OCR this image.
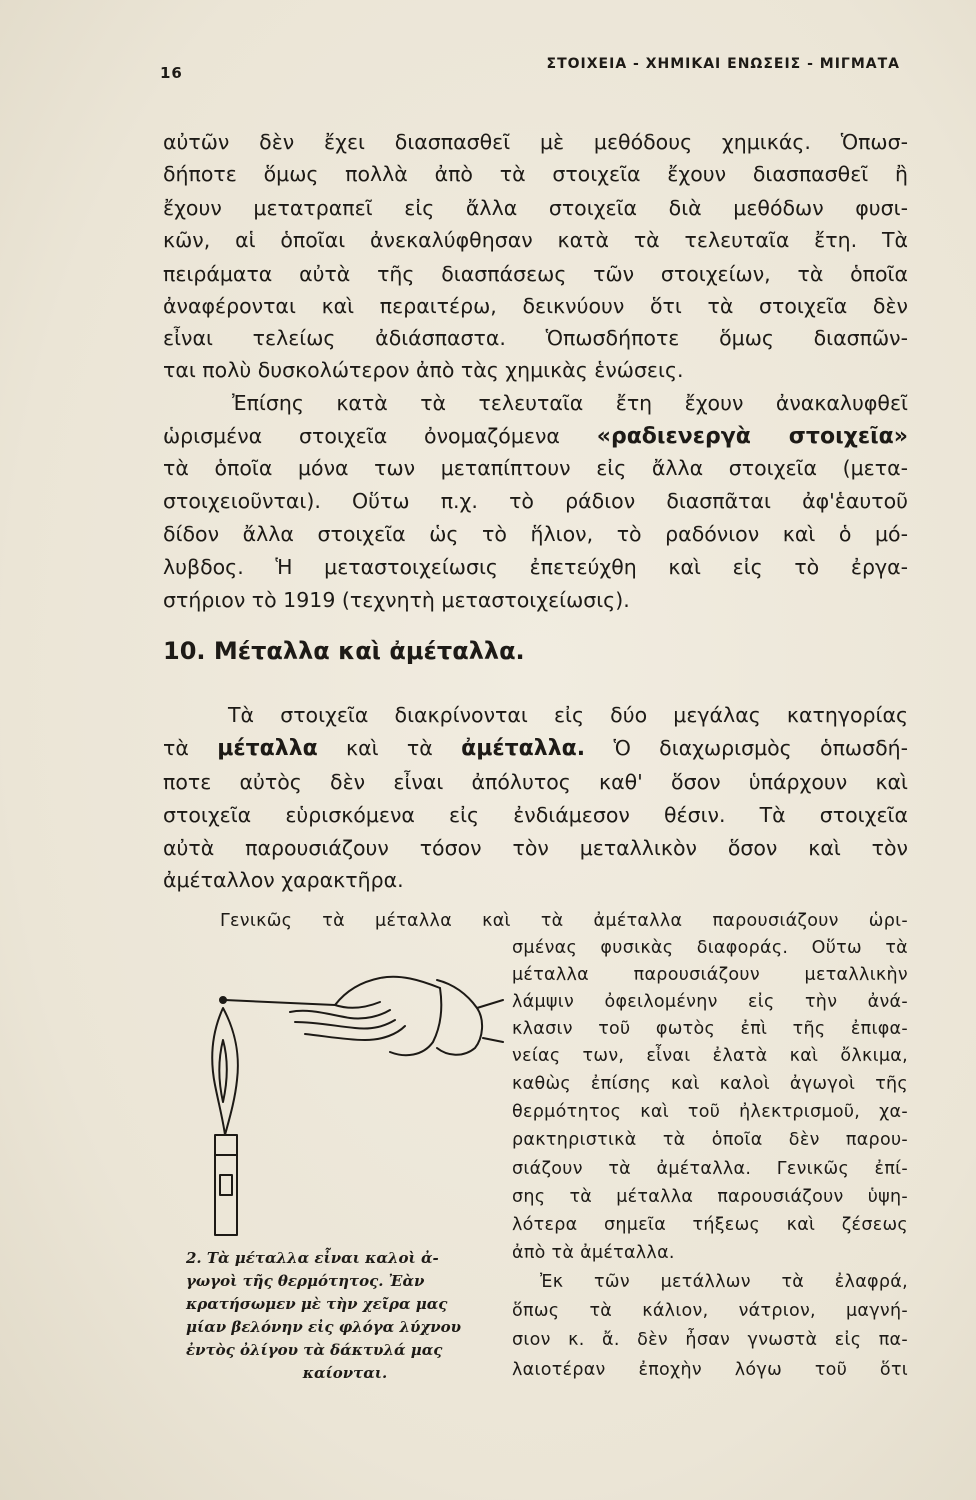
16	ΣΤΟΙΧΕΙΑ - ΧΗΜΙΚΑΙ ΕΝΩΣΕΙΣ - ΜΙΓΜΑΤΑ
αὐτῶν δὲν ἔχει διασπασθεῖ μὲ μεθόδους χημικάς. Ὁπωσ-
δήποτε ὅμως πολλὰ ἀπὸ τὰ στοιχεῖα ἔχουν διασπασθεῖ ἢ
ἔχουν μετατραπεῖ εἰς ἄλλα στοιχεῖα διὰ μεθόδων φυσι-
κῶν, αἱ ὁποῖαι ἀνεκαλύφθησαν κατὰ τὰ τελευταῖα ἔτη. Τὰ
πειράματα αὐτὰ τῆς διασπάσεως τῶν στοιχείων, τὰ ὁποῖα
ἀναφέρονται καὶ περαιτέρω, δεικνύουν ὅτι τὰ στοιχεῖα δὲν
εἶναι τελείως ἀδιάσπαστα. Ὁπωσδήποτε ὅμως διασπῶν-
ται πολὺ δυσκολώτερον ἀπὸ τὰς χημικὰς ἑνώσεις.
Ἐπίσης κατὰ τὰ τελευταῖα ἔτη ἔχουν ἀνακαλυφθεῖ
ὡρισμένα στοιχεῖα ὀνομαζόμενα «ραδιενεργὰ στοιχεῖα»
τὰ ὁποῖα μόνα των μεταπίπτουν εἰς ἄλλα στοιχεῖα (μετα-
στοιχειοῦνται). Οὕτω π.χ. τὸ ράδιον διασπᾶται ἀφ'ἑαυτοῦ
δίδον ἄλλα στοιχεῖα ὡς τὸ ἥλιον, τὸ ραδόνιον καὶ ὁ μό-
λυβδος. Ἡ μεταστοιχείωσις ἐπετεύχθη καὶ εἰς τὸ ἐργα-
στήριον τὸ 1919 (τεχνητὴ μεταστοιχείωσις).
10. Μέταλλα καὶ ἀμέταλλα.
Τὰ στοιχεῖα διακρίνονται εἰς δύο μεγάλας κατηγορίας
τὰ μέταλλα καὶ τὰ ἀμέταλλα. Ὁ διαχωρισμὸς ὁπωσδή-
ποτε αὐτὸς δὲν εἶναι ἀπόλυτος καθ' ὅσον ὑπάρχουν καὶ
στοιχεῖα εὑρισκόμενα εἰς ἐνδιάμεσον θέσιν. Τὰ στοιχεῖα
αὐτὰ παρουσιάζουν τόσον τὸν μεταλλικὸν ὅσον καὶ τὸν
ἀμέταλλον χαρακτῆρα.
Γενικῶς τὰ μέταλλα καὶ τὰ ἀμέταλλα παρουσιάζουν ὡρι-
σμένας φυσικὰς διαφοράς. Οὕτω τὰ
μέταλλα παρουσιάζουν μεταλλικὴν
λάμψιν ὀφειλομένην εἰς τὴν ἀνά-
κλασιν τοῦ φωτὸς ἐπὶ τῆς ἐπιφα-
νείας των, εἶναι ἐλατὰ καὶ ὄλκιμα,
καθὼς ἐπίσης καὶ καλοὶ ἀγωγοὶ τῆς
θερμότητος καὶ τοῦ ἠλεκτρισμοῦ, χα-
ρακτηριστικὰ τὰ ὁποῖα δὲν παρου-
σιάζουν τὰ ἀμέταλλα. Γενικῶς ἐπί-
σης τὰ μέταλλα παρουσιάζουν ὑψη-
λότερα σημεῖα τήξεως καὶ ζέσεως
ἀπὸ τὰ ἀμέταλλα.
Ἐκ τῶν μετάλλων τὰ ἐλαφρά,
ὅπως τὰ κάλιον, νάτριον, μαγνή-
σιον κ. ἄ. δὲν ἦσαν γνωστὰ εἰς πα-
λαιοτέραν ἐποχὴν λόγω τοῦ ὅτι
2. Τὰ μέταλλα εἶναι καλοὶ ἀ-
γωγοὶ τῆς θερμότητος. Ἐὰν
κρατήσωμεν μὲ τὴν χεῖρα μας
μίαν βελόνην εἰς φλόγα λύχνου
ἐντὸς ὀλίγου τὰ δάκτυλά μας
καίονται.
